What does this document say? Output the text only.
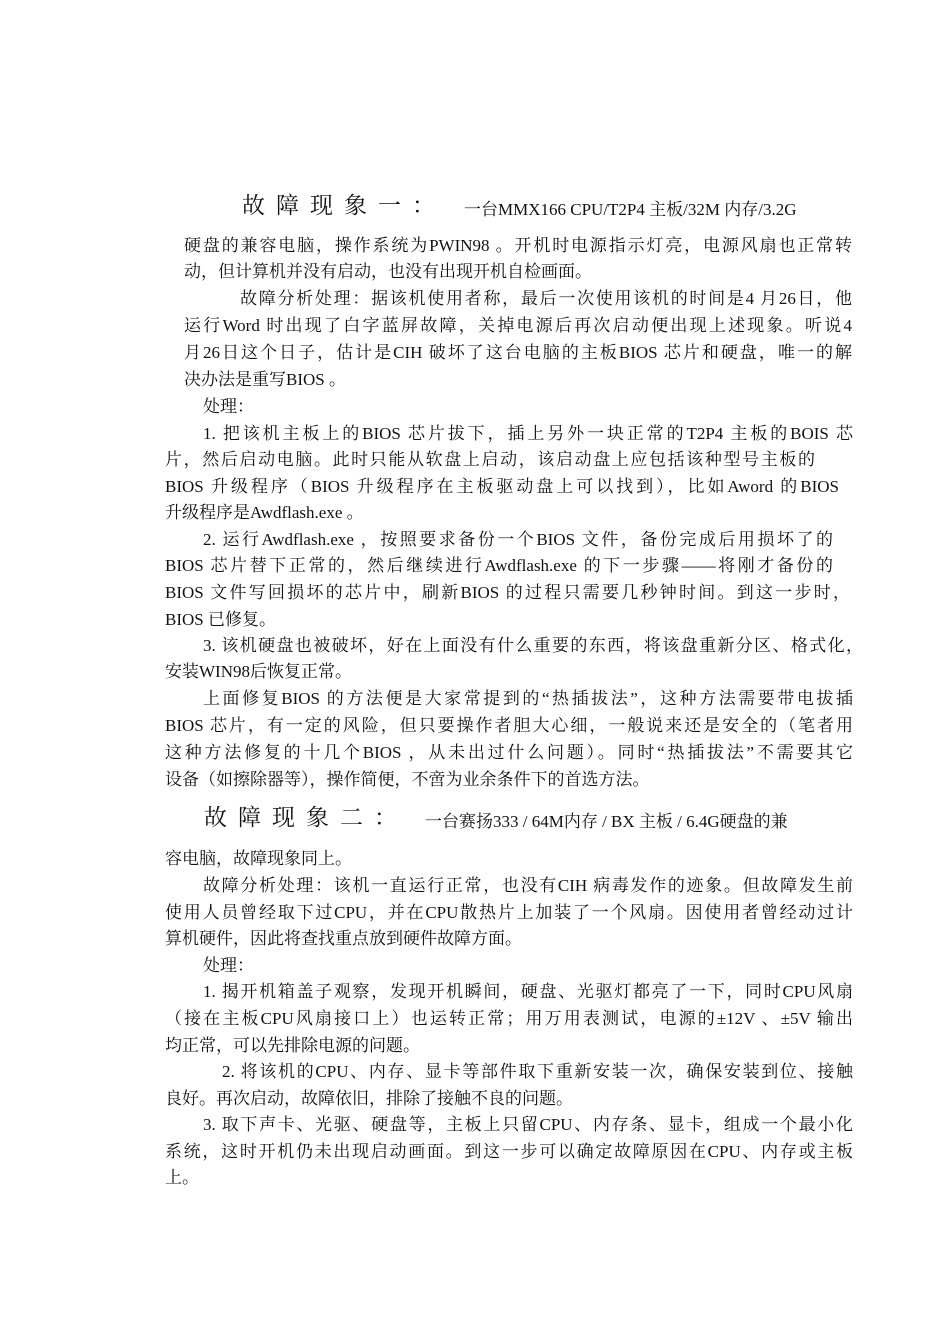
故障现象一： 一台MMX166 CPU/T2P4 主板/32M 内存/3.2G

硬盘的兼容电脑，操作系统为PWIN98 。开机时电源指示灯亮，电源风扇也正常转

动，但计算机并没有启动，也没有出现开机自检画面。

故障分析处理：据该机使用者称，最后一次使用该机的时间是4 月26日，他

运行Word 时出现了白字蓝屏故障，关掉电源后再次启动便出现上述现象。听说4

月26日这个日子，估计是CIH 破坏了这台电脑的主板BIOS 芯片和硬盘，唯一的解

决办法是重写BIOS 。

处理：

1. 把该机主板上的BIOS 芯片拔下，插上另外一块正常的T2P4 主板的BOIS 芯

片，然后启动电脑。此时只能从软盘上启动，该启动盘上应包括该种型号主板的

BIOS 升级程序（BIOS 升级程序在主板驱动盘上可以找到），比如Aword 的BIOS

升级程序是Awdflash.exe 。

2. 运行Awdflash.exe ，按照要求备份一个BIOS 文件，备份完成后用损坏了的

BIOS 芯片替下正常的，然后继续进行Awdflash.exe 的下一步骤——将刚才备份的

BIOS 文件写回损坏的芯片中，刷新BIOS 的过程只需要几秒钟时间。到这一步时，

BIOS 已修复。

3. 该机硬盘也被破坏，好在上面没有什么重要的东西，将该盘重新分区、格式化，

安装WIN98后恢复正常。

上面修复BIOS 的方法便是大家常提到的“热插拔法”，这种方法需要带电拔插

BIOS 芯片，有一定的风险，但只要操作者胆大心细，一般说来还是安全的（笔者用

这种方法修复的十几个BIOS ，从未出过什么问题）。同时“热插拔法”不需要其它

设备（如擦除器等），操作简便，不啻为业余条件下的首选方法。

故障现象二： 一台赛扬333 / 64M内存 / BX 主板 / 6.4G硬盘的兼

容电脑，故障现象同上。

故障分析处理：该机一直运行正常，也没有CIH 病毒发作的迹象。但故障发生前

使用人员曾经取下过CPU，并在CPU散热片上加装了一个风扇。因使用者曾经动过计

算机硬件，因此将查找重点放到硬件故障方面。

处理：

1. 揭开机箱盖子观察，发现开机瞬间，硬盘、光驱灯都亮了一下，同时CPU风扇

（接在主板CPU风扇接口上）也运转正常；用万用表测试，电源的±12V 、±5V 输出

均正常，可以先排除电源的问题。

2. 将该机的CPU、内存、显卡等部件取下重新安装一次，确保安装到位、接触

良好。再次启动，故障依旧，排除了接触不良的问题。

3. 取下声卡、光驱、硬盘等，主板上只留CPU、内存条、显卡，组成一个最小化

系统，这时开机仍未出现启动画面。到这一步可以确定故障原因在CPU、内存或主板

上。
